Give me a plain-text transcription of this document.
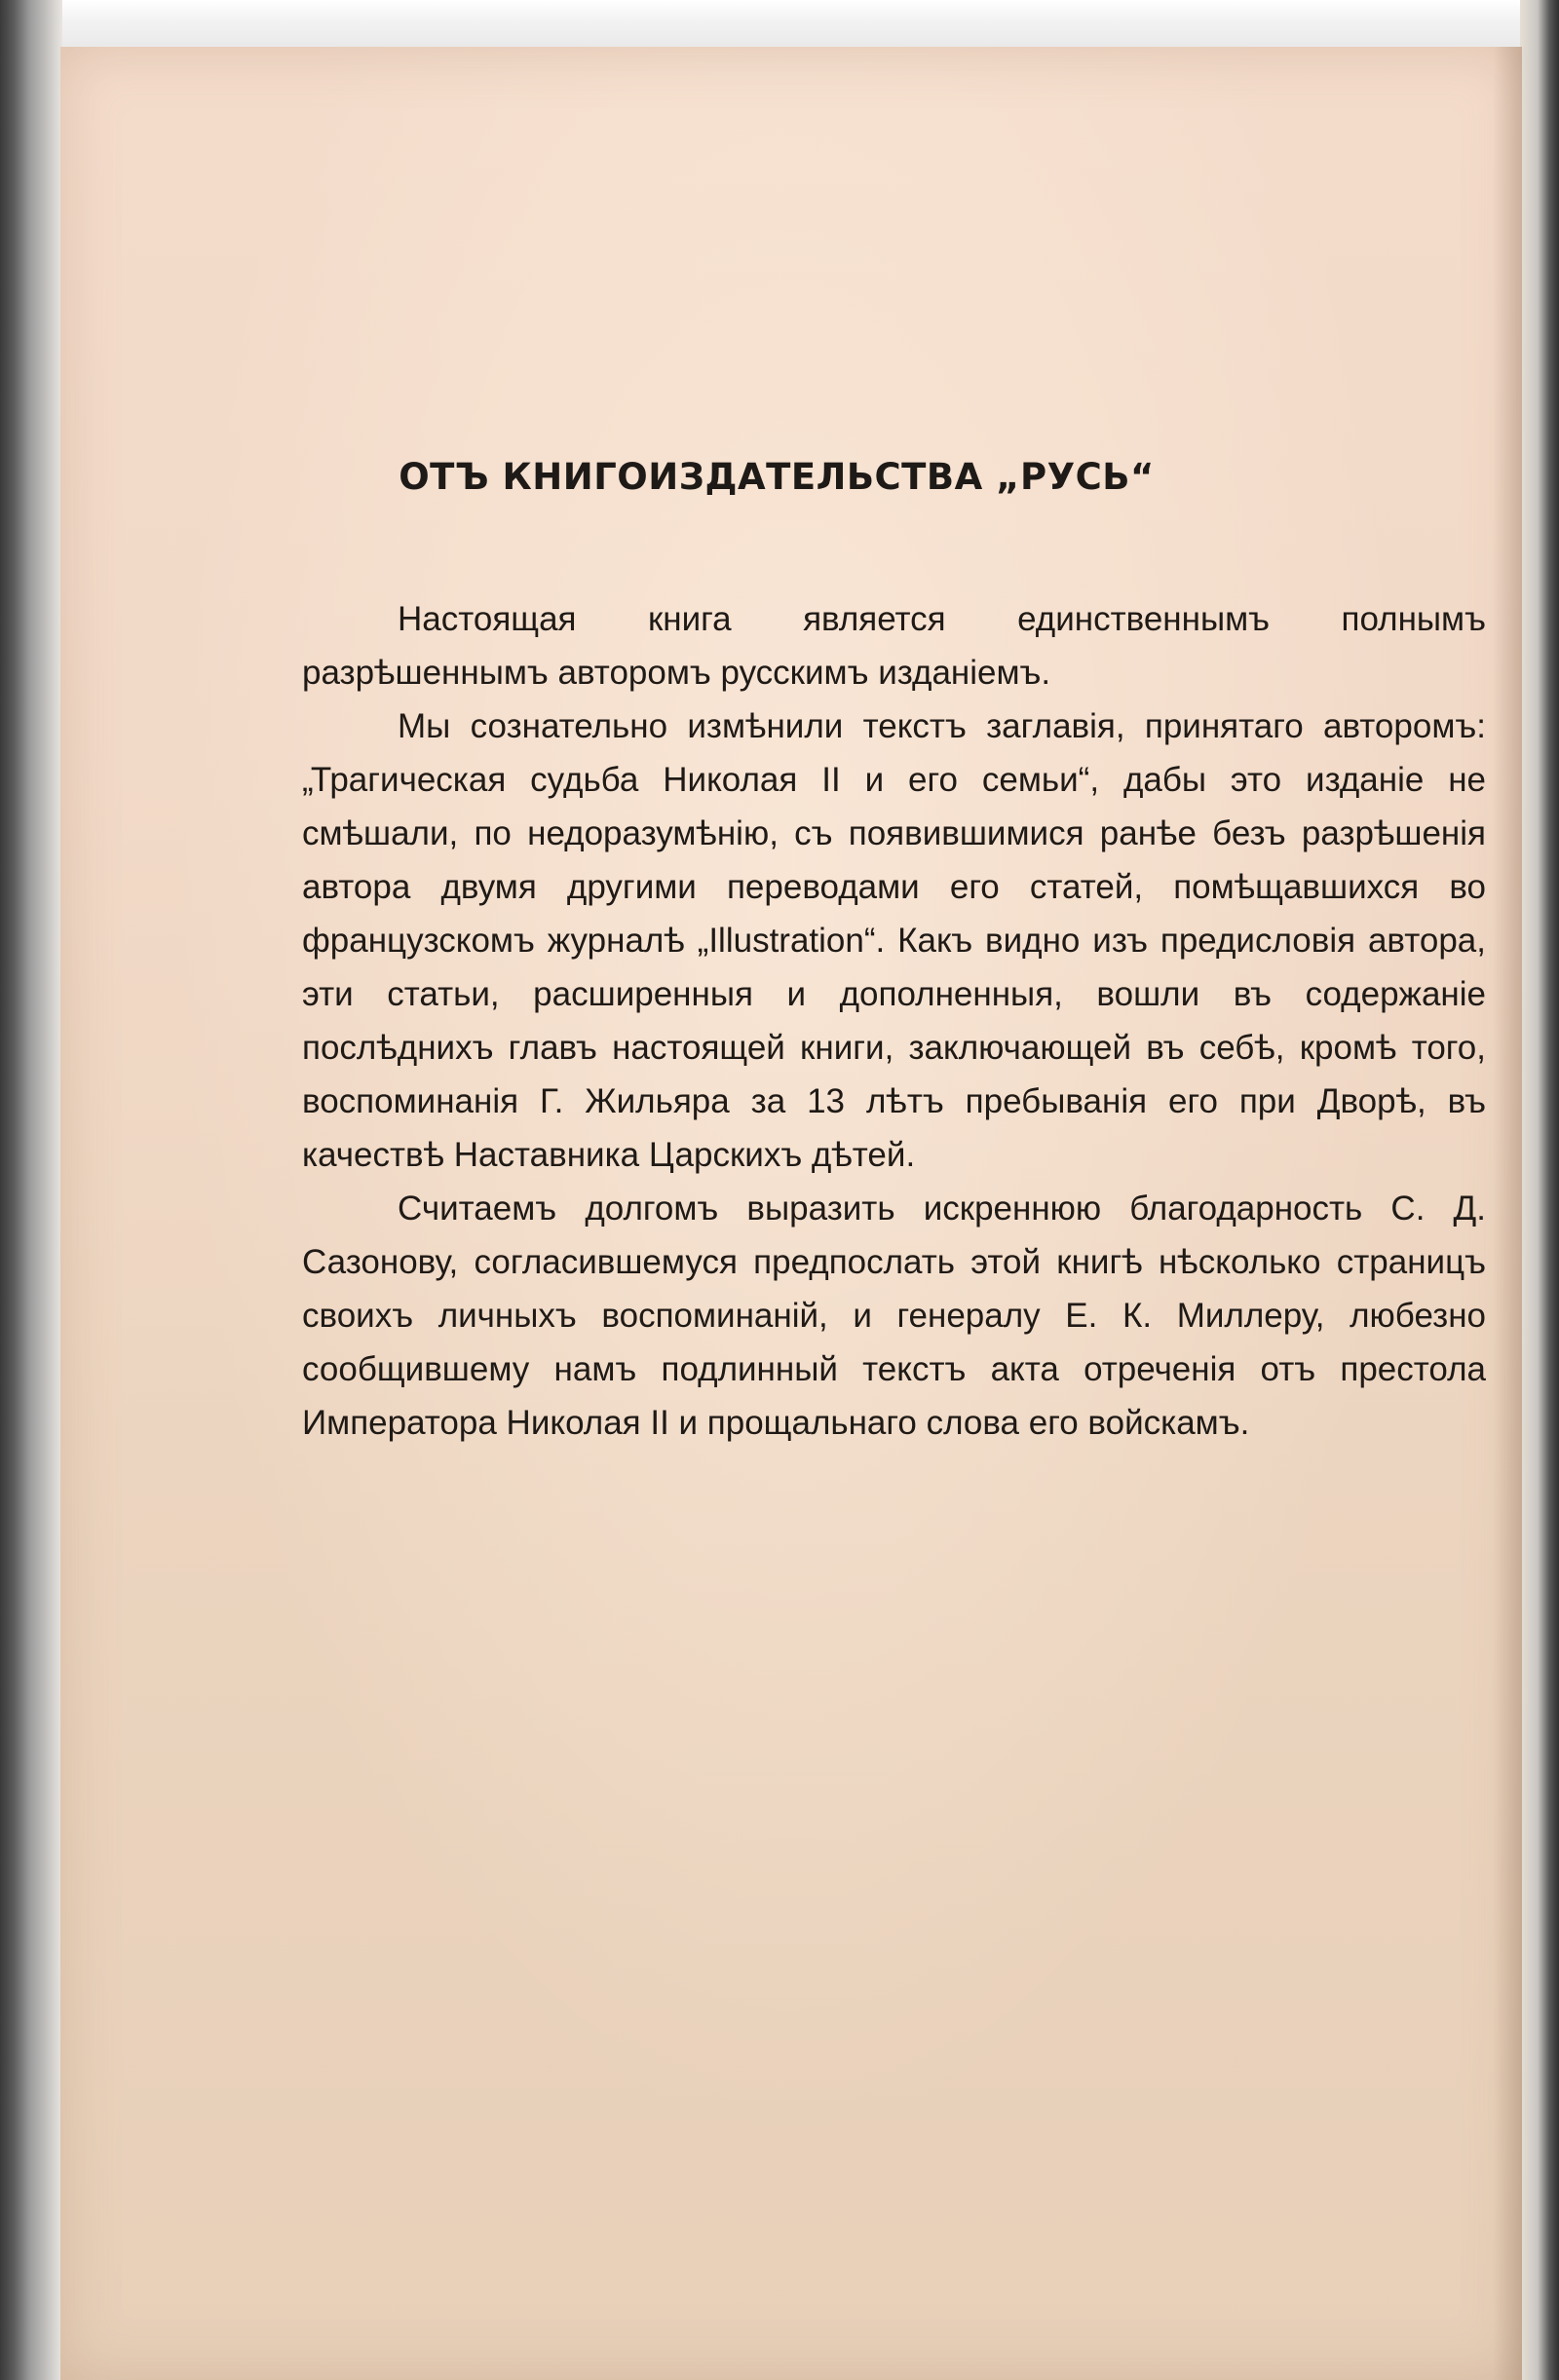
ОТЪ КНИГОИЗДАТЕЛЬСТВА „РУСЬ“

Настоящая книга является единственнымъ полнымъ разрѣшеннымъ авторомъ русскимъ изданіемъ.

Мы сознательно измѣнили текстъ заглавія, принятаго авторомъ: „Трагическая судьба Николая II и его семьи“, дабы это изданіе не смѣшали, по недоразумѣнію, съ появившимися ранѣе безъ разрѣшенія автора двумя другими переводами его статей, помѣщавшихся во французскомъ журналѣ „Illustration“. Какъ видно изъ предисловія автора, эти статьи, расширенныя и дополненныя, вошли въ содержаніе послѣднихъ главъ настоящей книги, заключающей въ себѣ, кромѣ того, воспоминанія Г. Жильяра за 13 лѣтъ пребыванія его при Дворѣ, въ качествѣ Наставника Царскихъ дѣтей.

Считаемъ долгомъ выразить искреннюю благодарность С. Д. Сазонову, согласившемуся предпослать этой книгѣ нѣсколько страницъ своихъ личныхъ воспоминаній, и генералу Е. К. Миллеру, любезно сообщившему намъ подлинный текстъ акта отреченія отъ престола Императора Николая II и прощальнаго слова его войскамъ.
